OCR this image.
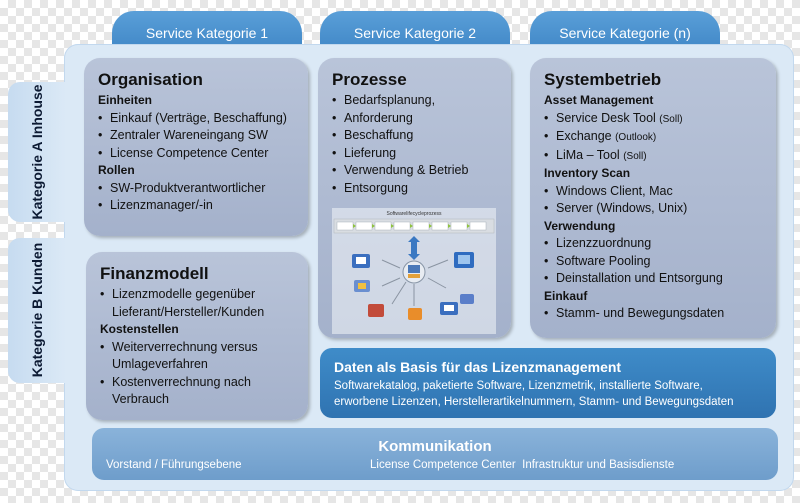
Service Kategorie 1	Service Kategorie 2	Service Kategorie (n)
Kategorie A Inhouse
Kategorie B Kunden
Organisation
Einheiten
• Einkauf (Verträge, Beschaffung)
• Zentraler Wareneingang SW
• License Competence Center
Rollen
• SW-Produktverantwortlicher
• Lizenzmanager/-in
Prozesse
• Bedarfsplanung,
• Anforderung
• Beschaffung
• Lieferung
• Verwendung & Betrieb
• Entsorgung
Softwarelifecycleprozess
Systembetrieb
Asset Management
• Service Desk Tool (Soll)
• Exchange (Outlook)
• LiMa – Tool (Soll)
Inventory Scan
• Windows Client, Mac
• Server (Windows, Unix)
Verwendung
• Lizenzzuordnung
• Software Pooling
• Deinstallation und Entsorgung
Einkauf
• Stamm- und Bewegungsdaten
Finanzmodell
• Lizenzmodelle gegenüber Lieferant/Hersteller/Kunden
Kostenstellen
• Weiterverrechnung versus Umlageverfahren
• Kostenverrechnung nach Verbrauch
Daten als Basis für das Lizenzmanagement
Softwarekatalog, paketierte Software, Lizenzmetrik, installierte Software,
erworbene Lizenzen, Herstellerartikelnummern, Stamm- und Bewegungsdaten
Kommunikation
Vorstand / Führungsebene	License Competence Center  Infrastruktur und Basisdienste
